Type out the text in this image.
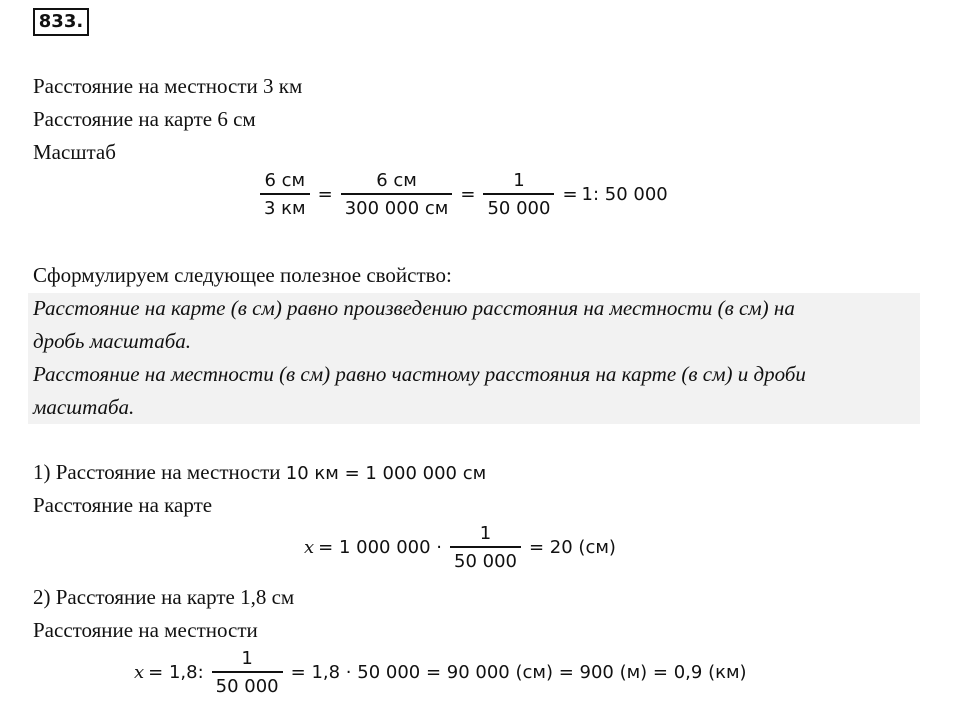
833.
Расстояние на местности 3 км
Расстояние на карте 6 см
Масштаб
$\frac{6 см}{3 км} = \frac{6 см}{300 000 см} = \frac{1}{50 000} = 1$: 50 000
Сформулируем следующее полезное свойство:
Расстояние на карте (в см) равно произведению расстояния на местности (в см) на
дробь масштаба.
Расстояние на местности (в см) равно частному расстояния на карте (в см) и дроби
масштаба.
1) Расстояние на местности 10 км = 1 000 000 см
Расстояние на карте
x = 1 000 $000 \cdot \frac{1}{50 000} = 20$ (см)
2) Расстояние на карте 1,8 см
Расстояние на местности
x = 1,8: $\frac{1}{50 000} = 1,8 \cdot 50$ 000 = 90 000 (см) = 900 (м) = 0,9 (км)
